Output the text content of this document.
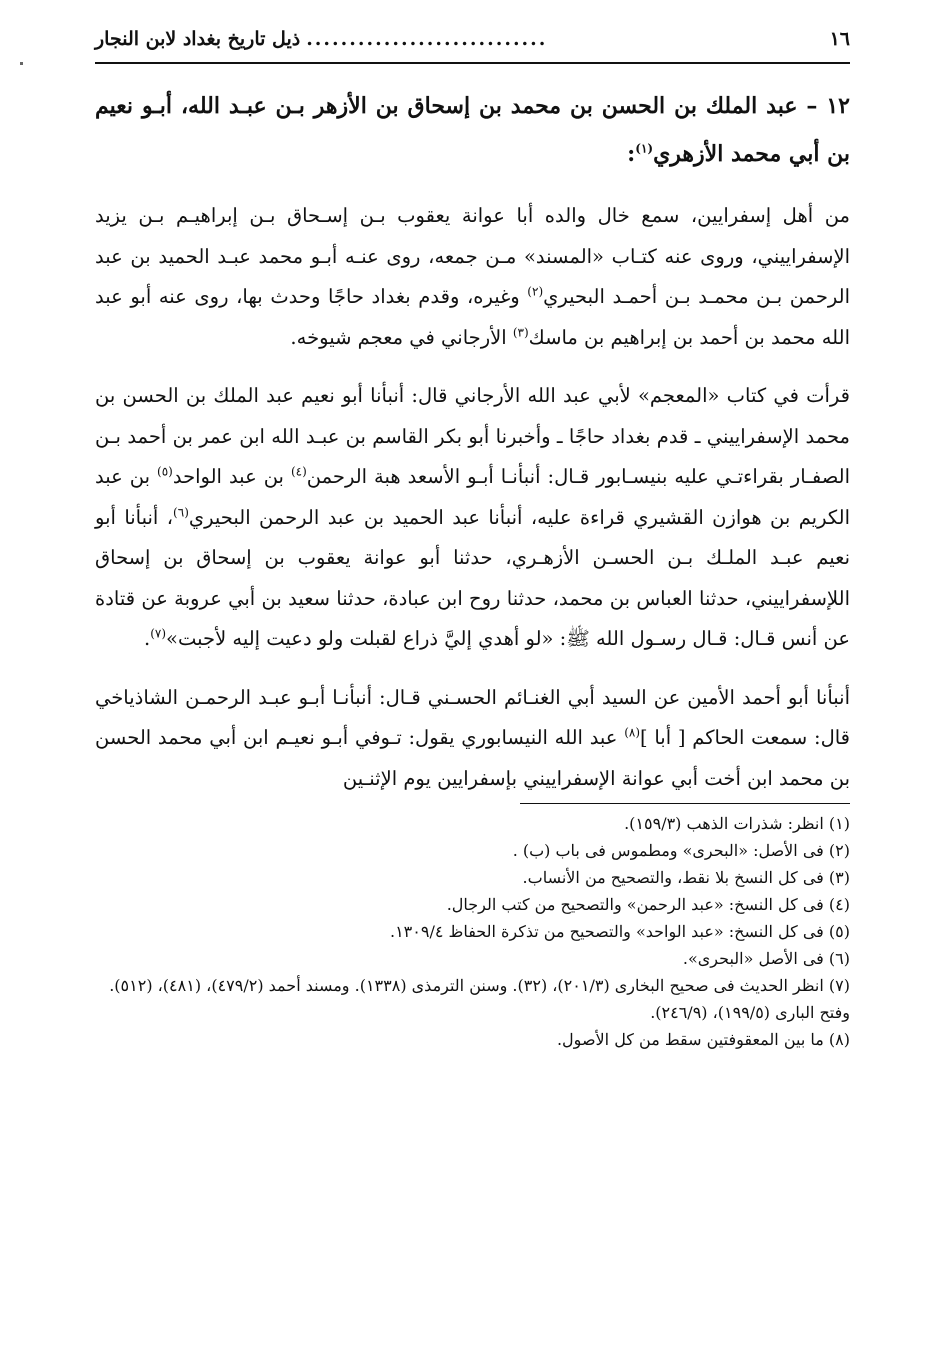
١٦
............................
ذيل تاريخ بغداد لابن النجار
١٢ – عبد الملك بن الحسن بن محمد بن إسحاق بن الأزهر بـن عبـد الله، أبـو نعيم بن أبي محمد الأزهري$^{(١)}$:

من أهل إسفرايين، سمع خال والده أبا عوانة يعقوب بـن إسـحاق بـن إبراهيـم بـن يزيد الإسفراييني، وروى عنه كتـاب «المسند» مـن جمعه، روى عنـه أبـو محمد عبـد الحميد بن عبد الرحمن بـن محمـد بـن أحمـد البحيري$^{(٢)}$ وغيره، وقدم بغداد حاجًا وحدث بها، روى عنه أبو عبد الله محمد بن أحمد بن إبراهيم بن ماسك$^{(٣)}$ الأرجاني في معجم شيوخه.

قرأت في كتاب «المعجم» لأبي عبد الله الأرجاني قال: أنبأنا أبو نعيم عبد الملك بن الحسن بن محمد الإسفراييني ـ قدم بغداد حاجًا ـ وأخبرنا أبو بكر القاسم بن عبـد الله ابن عمر بن أحمد بـن الصفـار بقراءتـي عليه بنيسـابور قـال: أنبأنـا أبـو الأسعد هبة الرحمن$^{(٤)}$ بن عبد الواحد$^{(٥)}$ بن عبد الكريم بن هوازن القشيري قراءة عليه، أنبأنا عبد الحميد بن عبد الرحمن البحيري$^{(٦)}$، أنبأنا أبو نعيم عبـد الملـك بـن الحسـن الأزهـري، حدثنا أبو عوانة يعقوب بن إسحاق بن إسحاق اللإسفراييني، حدثنا العباس بن محمد، حدثنا روح ابن عبادة، حدثنا سعيد بن أبي عروبة عن قتادة عن أنس قـال: قـال رسـول الله ﷺ: «لو أهدي إليَّ ذراع لقبلت ولو دعيت إليه لأجبت»$^{(٧)}$.

أنبأنا أبو أحمد الأمين عن السيد أبي الغنـائم الحسـني قـال: أنبأنـا أبـو عبـد الرحمـن الشاذياخي قال: سمعت الحاكم [ أبا ]$^{(٨)}$ عبد الله النيسابوري يقول: تـوفي أبـو نعيـم ابن أبي محمد الحسن بن محمد ابن أخت أبي عوانة الإسفراييني بإسفرايين يوم الإثنـين

(١) انظر: شذرات الذهب (١٥٩/٣).
(٢) فى الأصل: «البحرى» ومطموس فى باب (ب) .
(٣) فى كل النسخ بلا نقط، والتصحيح من الأنساب.
(٤) فى كل النسخ: «عبد الرحمن» والتصحيح من كتب الرجال.
(٥) فى كل النسخ: «عبد الواحد» والتصحيح من تذكرة الحفاظ ١٣٠٩/٤.
(٦) فى الأصل «البحرى».
(٧) انظر الحديث فى صحيح البخارى (٢٠١/٣)، (٣٢). وسنن الترمذى (١٣٣٨). ومسند أحمد (٤٧٩/٢)، (٤٨١)، (٥١٢). وفتح البارى (١٩٩/٥)، (٢٤٦/٩).
(٨) ما بين المعقوفتين سقط من كل الأصول.
